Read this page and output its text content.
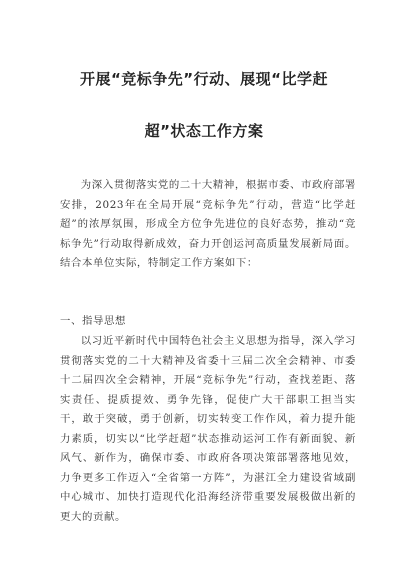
开展“竞标争先”行动、展现“比学赶
超”状态工作方案

为深入贯彻落实党的二十大精神，根据市委、市政府部署安排，2023年在全局开展“竞标争先”行动，营造“比学赶超”的浓厚氛围，形成全方位争先进位的良好态势，推动“竞标争先”行动取得新成效，奋力开创运河高质量发展新局面。结合本单位实际，特制定工作方案如下：

一、指导思想

以习近平新时代中国特色社会主义思想为指导，深入学习贯彻落实党的二十大精神及省委十三届二次全会精神、市委十二届四次全会精神，开展“竞标争先”行动，查找差距、落实责任、提质提效、勇争先锋，促使广大干部职工担当实干，敢于突破，勇于创新，切实转变工作作风，着力提升能力素质，切实以“比学赶超”状态推动运河工作有新面貌、新风气、新作为，确保市委、市政府各项决策部署落地见效，力争更多工作迈入“全省第一方阵”，为湛江全力建设省域副中心城市、加快打造现代化沿海经济带重要发展极做出新的更大的贡献。
